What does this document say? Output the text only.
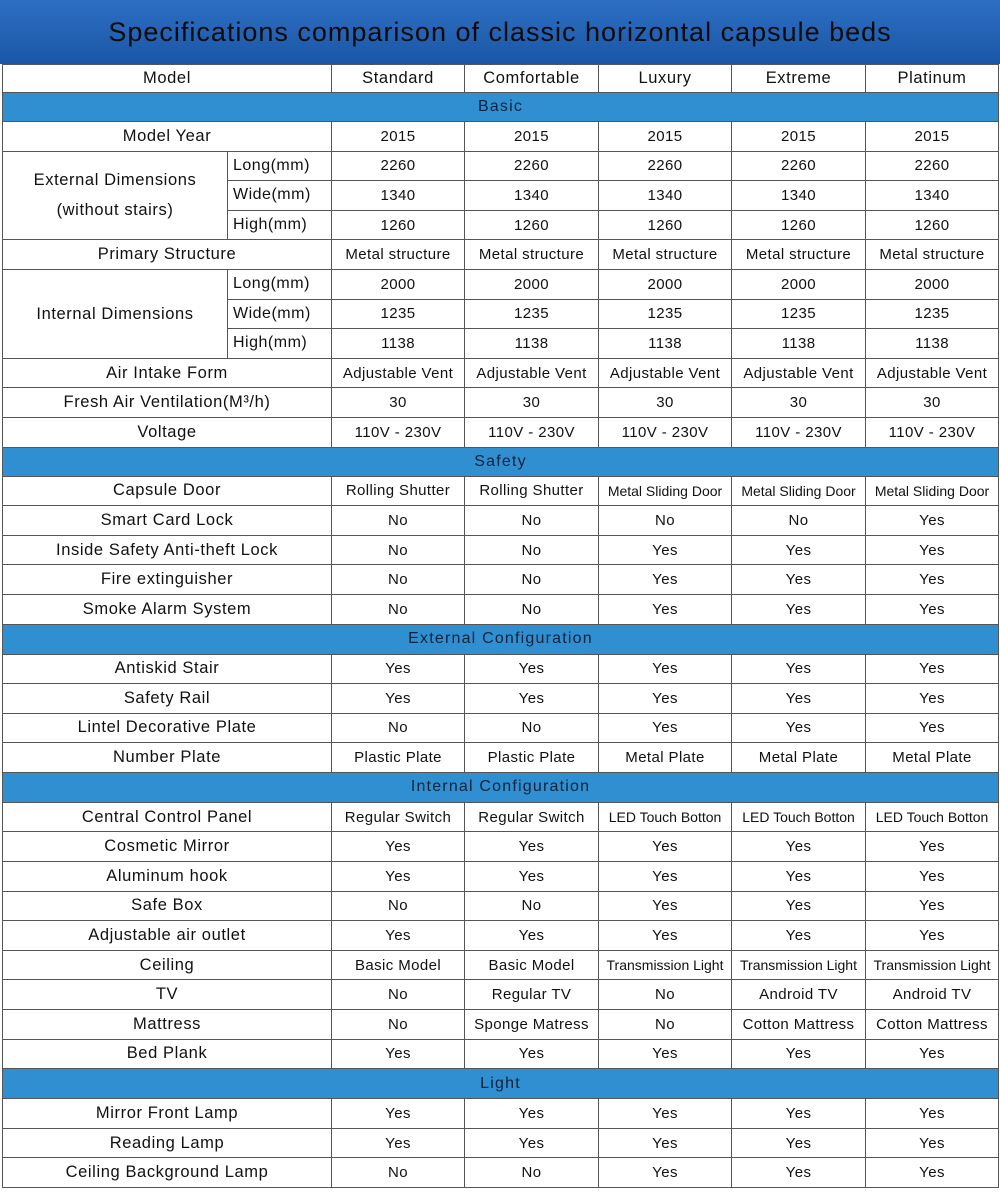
Specifications comparison of classic horizontal capsule beds
Model		Standard	Comfortable	Luxury	Extreme	Platinum
Basic						
Model Year		2015	2015	2015	2015	2015

External Dimensions
(without stairs)	Long(mm)	2260	2260	2260	2260	2260
	Wide(mm)	1340	1340	1340	1340	1340
	High(mm)	1260	1260	1260	1260	1260
Primary Structure		Metal structure	Metal structure	Metal structure	Metal structure	Metal structure

Internal Dimensions	Long(mm)	2000	2000	2000	2000	2000
	Wide(mm)	1235	1235	1235	1235	1235
	High(mm)	1138	1138	1138	1138	1138
Air Intake Form		Adjustable Vent	Adjustable Vent	Adjustable Vent	Adjustable Vent	Adjustable Vent
Fresh Air Ventilation(M³/h)		30	30	30	30	30
Voltage		110V - 230V	110V - 230V	110V - 230V	110V - 230V	110V - 230V
Safety						
Capsule Door		Rolling Shutter	Rolling Shutter	Metal Sliding Door	Metal Sliding Door	Metal Sliding Door
Smart Card Lock		No	No	No	No	Yes
Inside Safety Anti-theft Lock		No	No	Yes	Yes	Yes
Fire extinguisher		No	No	Yes	Yes	Yes
Smoke Alarm System		No	No	Yes	Yes	Yes
External Configuration						
Antiskid Stair		Yes	Yes	Yes	Yes	Yes
Safety Rail		Yes	Yes	Yes	Yes	Yes
Lintel Decorative Plate		No	No	Yes	Yes	Yes
Number Plate		Plastic Plate	Plastic Plate	Metal Plate	Metal Plate	Metal Plate
Internal Configuration						
Central Control Panel		Regular Switch	Regular Switch	LED Touch Botton	LED Touch Botton	LED Touch Botton
Cosmetic Mirror		Yes	Yes	Yes	Yes	Yes
Aluminum hook		Yes	Yes	Yes	Yes	Yes
Safe Box		No	No	Yes	Yes	Yes
Adjustable air outlet		Yes	Yes	Yes	Yes	Yes
Ceiling		Basic Model	Basic Model	Transmission Light	Transmission Light	Transmission Light
TV		No	Regular TV	No	Android TV	Android TV
Mattress		No	Sponge Matress	No	Cotton Mattress	Cotton Mattress
Bed Plank		Yes	Yes	Yes	Yes	Yes
Light						
Mirror Front Lamp		Yes	Yes	Yes	Yes	Yes
Reading Lamp		Yes	Yes	Yes	Yes	Yes
Ceiling Background Lamp		No	No	Yes	Yes	Yes
